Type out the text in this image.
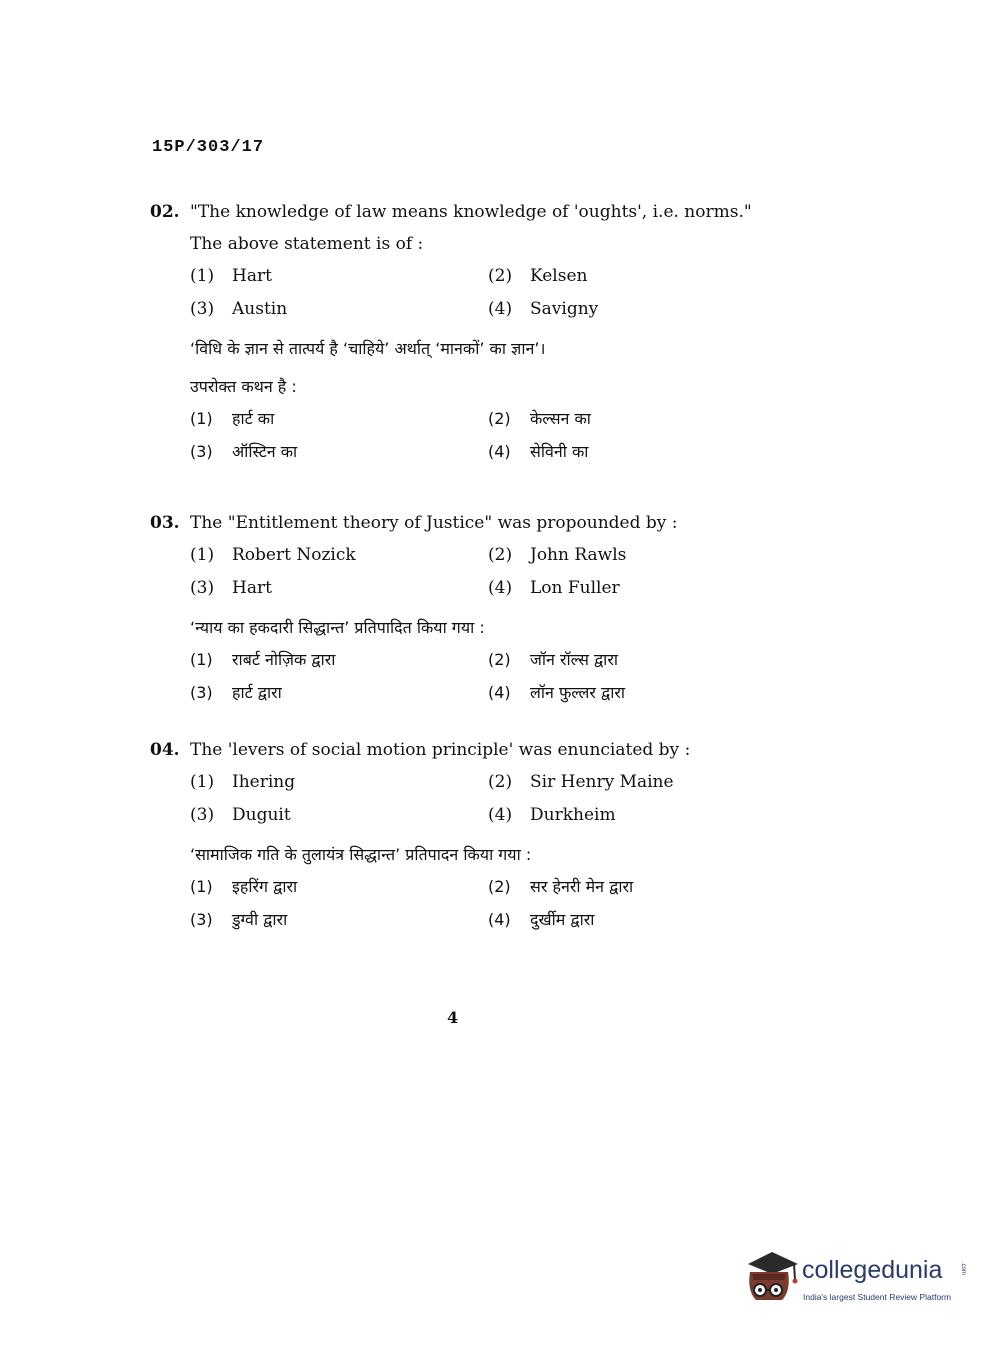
15P/303/17
02. "The knowledge of law means knowledge of 'oughts', i.e. norms."
The above statement is of :
(1) Hart	(2) Kelsen
(3) Austin	(4) Savigny
‘विधि के ज्ञान से तात्पर्य है ‘चाहिये’ अर्थात् ‘मानकों’ का ज्ञान’।
उपरोक्त कथन है :
(1) हार्ट का	(2) केल्सन का
(3) ऑस्टिन का	(4) सेविनी का
03. The "Entitlement theory of Justice" was propounded by :
(1) Robert Nozick	(2) John Rawls
(3) Hart	(4) Lon Fuller
‘न्याय का हकदारी सिद्धान्त’ प्रतिपादित किया गया :
(1) राबर्ट नोज़िक द्वारा	(2) जॉन रॉल्स द्वारा
(3) हार्ट द्वारा	(4) लॉन फुल्लर द्वारा
04. The 'levers of social motion principle' was enunciated by :
(1) Ihering	(2) Sir Henry Maine
(3) Duguit	(4) Durkheim
‘सामाजिक गति के तुलायंत्र सिद्धान्त’ प्रतिपादन किया गया :
(1) इहरिंग द्वारा	(2) सर हेनरी मेन द्वारा
(3) डुग्वी द्वारा	(4) दुर्खीम द्वारा
4
collegedunia	.com
India's largest Student Review Platform
